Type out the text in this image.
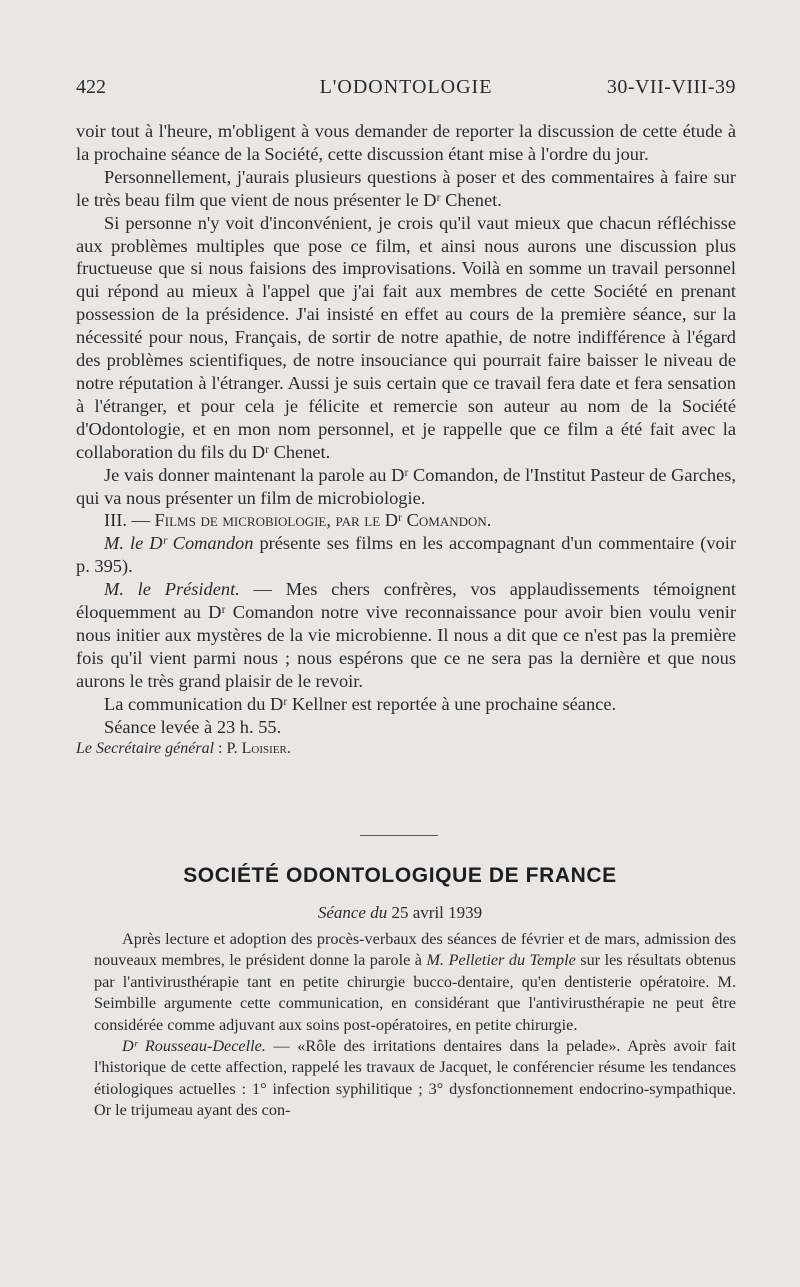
422	L'ODONTOLOGIE	30-VII-VIII-39

voir tout à l'heure, m'obligent à vous demander de reporter la discussion de cette étude à la prochaine séance de la Société, cette discussion étant mise à l'ordre du jour.

Personnellement, j'aurais plusieurs questions à poser et des commentaires à faire sur le très beau film que vient de nous présenter le Dʳ Chenet.

Si personne n'y voit d'inconvénient, je crois qu'il vaut mieux que chacun réfléchisse aux problèmes multiples que pose ce film, et ainsi nous aurons une discussion plus fructueuse que si nous faisions des improvisations. Voilà en somme un travail personnel qui répond au mieux à l'appel que j'ai fait aux membres de cette Société en prenant possession de la présidence. J'ai insisté en effet au cours de la première séance, sur la nécessité pour nous, Français, de sortir de notre apathie, de notre indifférence à l'égard des problèmes scientifiques, de notre insouciance qui pourrait faire baisser le niveau de notre réputation à l'étranger. Aussi je suis certain que ce travail fera date et fera sensation à l'étranger, et pour cela je félicite et remercie son auteur au nom de la Société d'Odontologie, et en mon nom personnel, et je rappelle que ce film a été fait avec la collaboration du fils du Dʳ Chenet.

Je vais donner maintenant la parole au Dʳ Comandon, de l'Institut Pasteur de Garches, qui va nous présenter un film de microbiologie.

III. — Films de microbiologie, par le Dʳ Comandon.

M. le Dʳ Comandon présente ses films en les accompagnant d'un commentaire (voir p. 395).

M. le Président. — Mes chers confrères, vos applaudissements témoignent éloquemment au Dʳ Comandon notre vive reconnaissance pour avoir bien voulu venir nous initier aux mystères de la vie microbienne. Il nous a dit que ce n'est pas la première fois qu'il vient parmi nous ; nous espérons que ce ne sera pas la dernière et que nous aurons le très grand plaisir de le revoir.

La communication du Dʳ Kellner est reportée à une prochaine séance.

Séance levée à 23 h. 55.

Le Secrétaire général : P. Loisier.

SOCIÉTÉ ODONTOLOGIQUE DE FRANCE
Séance du 25 avril 1939

Après lecture et adoption des procès-verbaux des séances de février et de mars, admission des nouveaux membres, le président donne la parole à M. Pelletier du Temple sur les résultats obtenus par l'antivirusthérapie tant en petite chirurgie bucco-dentaire, qu'en dentisterie opératoire. M. Seimbille argumente cette communication, en considérant que l'antivirusthérapie ne peut être considérée comme adjuvant aux soins post-opératoires, en petite chirurgie.

Dʳ Rousseau-Decelle. — «Rôle des irritations dentaires dans la pelade». Après avoir fait l'historique de cette affection, rappelé les travaux de Jacquet, le conférencier résume les tendances étiologiques actuelles : 1° infection syphilitique ; 3° dysfonctionnement endocrino-sympathique. Or le trijumeau ayant des con-
